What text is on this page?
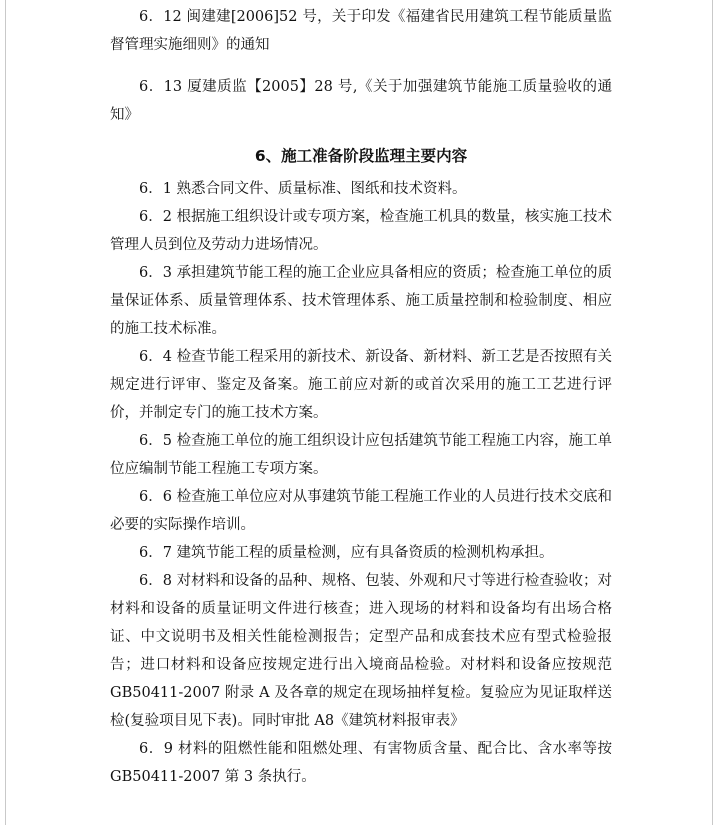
6．12 闽建建[2006]52 号，关于印发《福建省民用建筑工程节能质量监督管理实施细则》的通知

6．13 厦建质监【2005】28 号,《关于加强建筑节能施工质量验收的通知》

6、施工准备阶段监理主要内容

6．1 熟悉合同文件、质量标准、图纸和技术资料。

6．2 根据施工组织设计或专项方案，检查施工机具的数量，核实施工技术管理人员到位及劳动力进场情况。

6．3 承担建筑节能工程的施工企业应具备相应的资质；检查施工单位的质量保证体系、质量管理体系、技术管理体系、施工质量控制和检验制度、相应的施工技术标准。

6．4 检查节能工程采用的新技术、新设备、新材料、新工艺是否按照有关规定进行评审、鉴定及备案。施工前应对新的或首次采用的施工工艺进行评价，并制定专门的施工技术方案。

6．5 检查施工单位的施工组织设计应包括建筑节能工程施工内容，施工单位应编制节能工程施工专项方案。

6．6 检查施工单位应对从事建筑节能工程施工作业的人员进行技术交底和必要的实际操作培训。

6．7 建筑节能工程的质量检测，应有具备资质的检测机构承担。

6．8 对材料和设备的品种、规格、包装、外观和尺寸等进行检查验收；对材料和设备的质量证明文件进行核查；进入现场的材料和设备均有出场合格证、中文说明书及相关性能检测报告；定型产品和成套技术应有型式检验报告；进口材料和设备应按规定进行出入境商品检验。对材料和设备应按规范GB50411-2007 附录 A 及各章的规定在现场抽样复检。复验应为见证取样送检(复验项目见下表)。同时审批 A8《建筑材料报审表》

6．9 材料的阻燃性能和阻燃处理、有害物质含量、配合比、含水率等按GB50411-2007 第 3 条执行。
